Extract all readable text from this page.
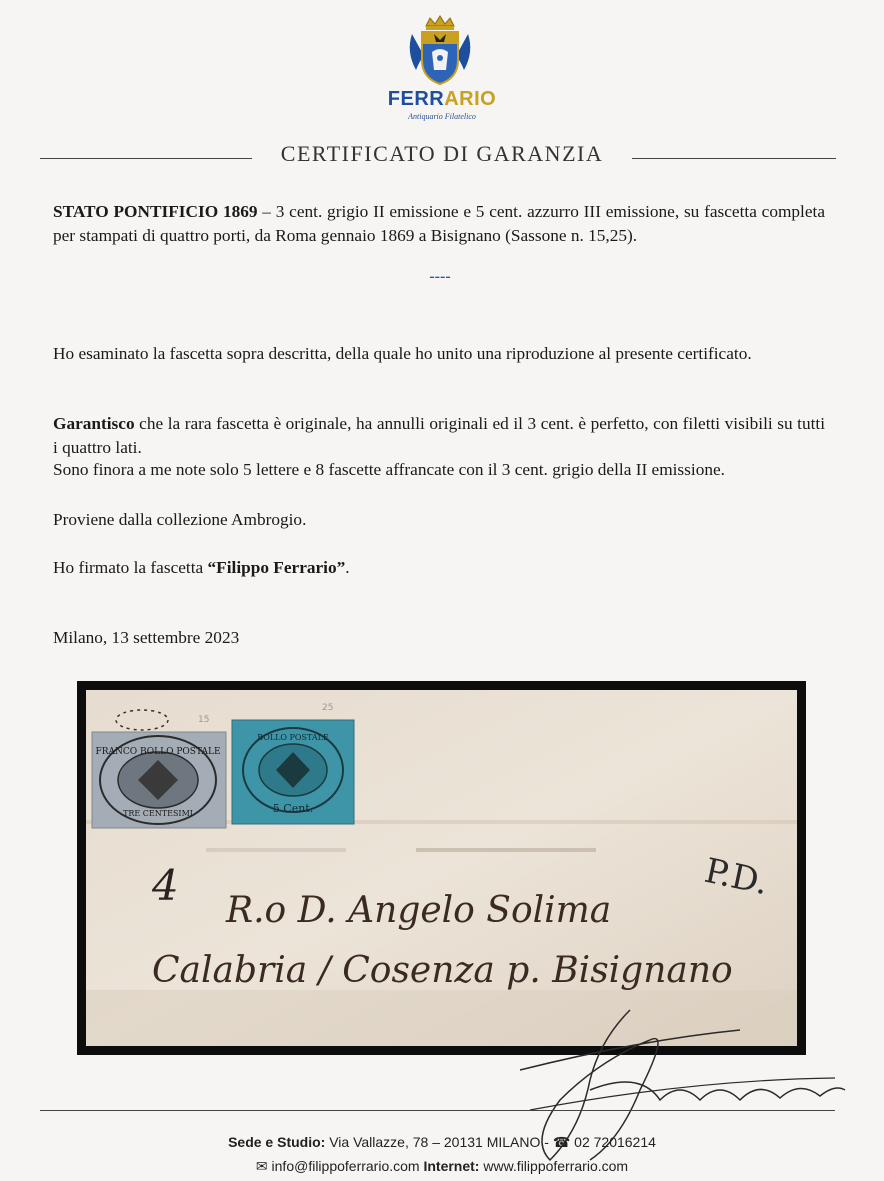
FERRARIO
Antiquario Filatelico
CERTIFICATO DI GARANZIA
STATO PONTIFICIO 1869 – 3 cent. grigio II emissione e 5 cent. azzurro III emissione, su fascetta completa per stampati di quattro porti, da Roma gennaio 1869 a Bisignano (Sassone n. 15,25).
----
Ho esaminato la fascetta sopra descritta, della quale ho unito una riproduzione al presente certificato.
Garantisco che la rara fascetta è originale, ha annulli originali ed il 3 cent. è perfetto, con filetti visibili su tutti i quattro lati.
Sono finora a me note solo 5 lettere e 8 fascette affrancate con il 3 cent. grigio della II emissione.
Proviene dalla collezione Ambrogio.
Ho firmato la fascetta “Filippo Ferrario”.
Milano, 13 settembre 2023
15
25
FRANCO BOLLO POSTALE
TRE CENTESIMI
BOLLO POSTALE
5 Cent.
P.D.
4
R.o D. Angelo Solima
Calabria / Cosenza p. Bisignano
Sede e Studio: Via Vallazze, 78 – 20131 MILANO - ☎ 02 72016214
✉ info@filippoferrario.com Internet: www.filippoferrario.com
